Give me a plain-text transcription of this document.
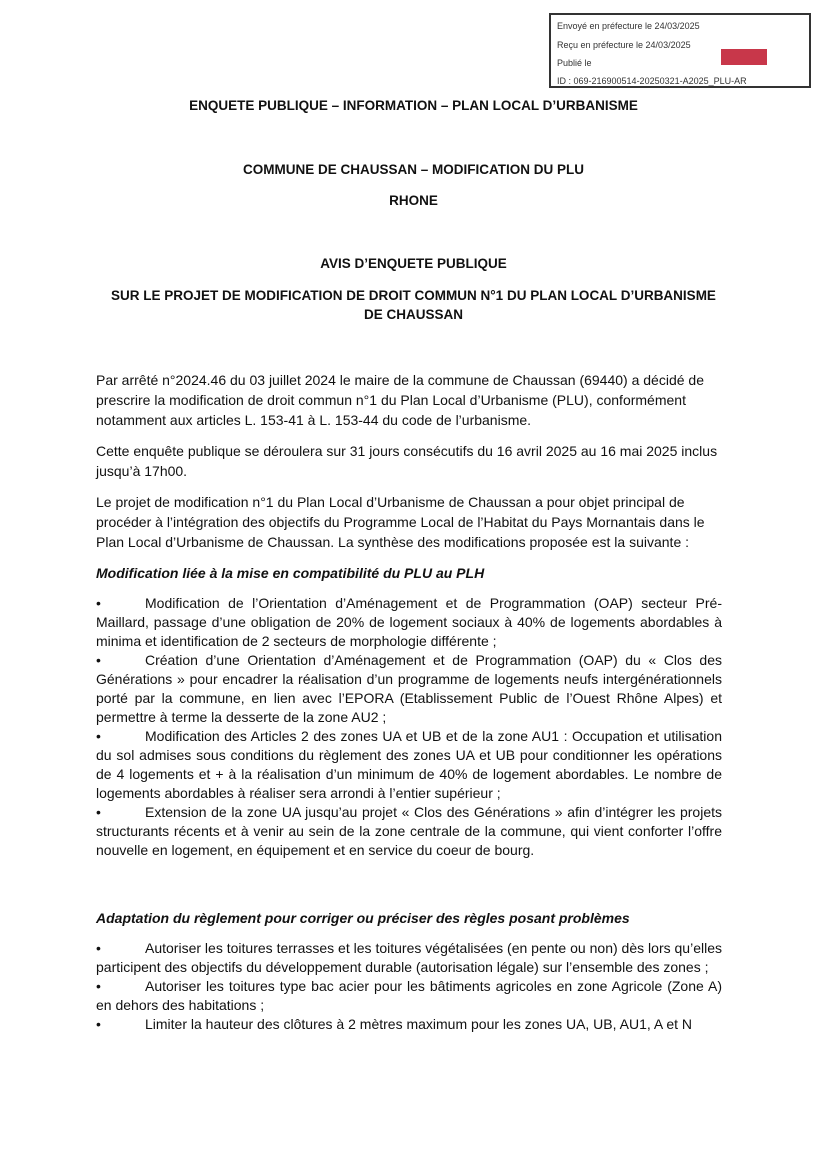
Envoyé en préfecture le 24/03/2025
Reçu en préfecture le 24/03/2025
Publié le
ID : 069-216900514-20250321-A2025_PLU-AR
ENQUETE PUBLIQUE – INFORMATION – PLAN LOCAL D’URBANISME
COMMUNE DE CHAUSSAN – MODIFICATION DU PLU
RHONE
AVIS D’ENQUETE PUBLIQUE
SUR LE PROJET DE MODIFICATION DE DROIT COMMUN N°1 DU PLAN LOCAL D’URBANISME
DE CHAUSSAN

Par arrêté n°2024.46 du 03 juillet 2024 le maire de la commune de Chaussan (69440) a décidé de prescrire la modification de droit commun n°1 du Plan Local d’Urbanisme (PLU), conformément notamment aux articles L. 153-41 à L. 153-44 du code de l’urbanisme.

Cette enquête publique se déroulera sur 31 jours consécutifs du 16 avril 2025 au 16 mai 2025 inclus jusqu’à 17h00.

Le projet de modification n°1 du Plan Local d’Urbanisme de Chaussan a pour objet principal de procéder à l’intégration des objectifs du Programme Local de l’Habitat du Pays Mornantais dans le Plan Local d’Urbanisme de Chaussan. La synthèse des modifications proposée est la suivante :

Modification liée à la mise en compatibilité du PLU au PLH

•	Modification de l’Orientation d’Aménagement et de Programmation (OAP) secteur Pré-Maillard, passage d’une obligation de 20% de logement sociaux à 40% de logements abordables à minima et identification de 2 secteurs de morphologie différente ;
•	Création d’une Orientation d’Aménagement et de Programmation (OAP) du « Clos des Générations » pour encadrer la réalisation d’un programme de logements neufs intergénérationnels porté par la commune, en lien avec l’EPORA (Etablissement Public de l’Ouest Rhône Alpes) et permettre à terme la desserte de la zone AU2 ;
•	Modification des Articles 2 des zones UA et UB et de la zone AU1 : Occupation et utilisation du sol admises sous conditions du règlement des zones UA et UB pour conditionner les opérations de 4 logements et + à la réalisation d’un minimum de 40% de logement abordables. Le nombre de logements abordables à réaliser sera arrondi à l’entier supérieur ;
•	Extension de la zone UA jusqu’au projet « Clos des Générations » afin d’intégrer les projets structurants récents et à venir au sein de la zone centrale de la commune, qui vient conforter l’offre nouvelle en logement, en équipement et en service du coeur de bourg.

Adaptation du règlement pour corriger ou préciser des règles posant problèmes

•	Autoriser les toitures terrasses et les toitures végétalisées (en pente ou non) dès lors qu’elles participent des objectifs du développement durable (autorisation légale) sur l’ensemble des zones ;
•	Autoriser les toitures type bac acier pour les bâtiments agricoles en zone Agricole (Zone A) en dehors des habitations ;
•	Limiter la hauteur des clôtures à 2 mètres maximum pour les zones UA, UB, AU1, A et N
